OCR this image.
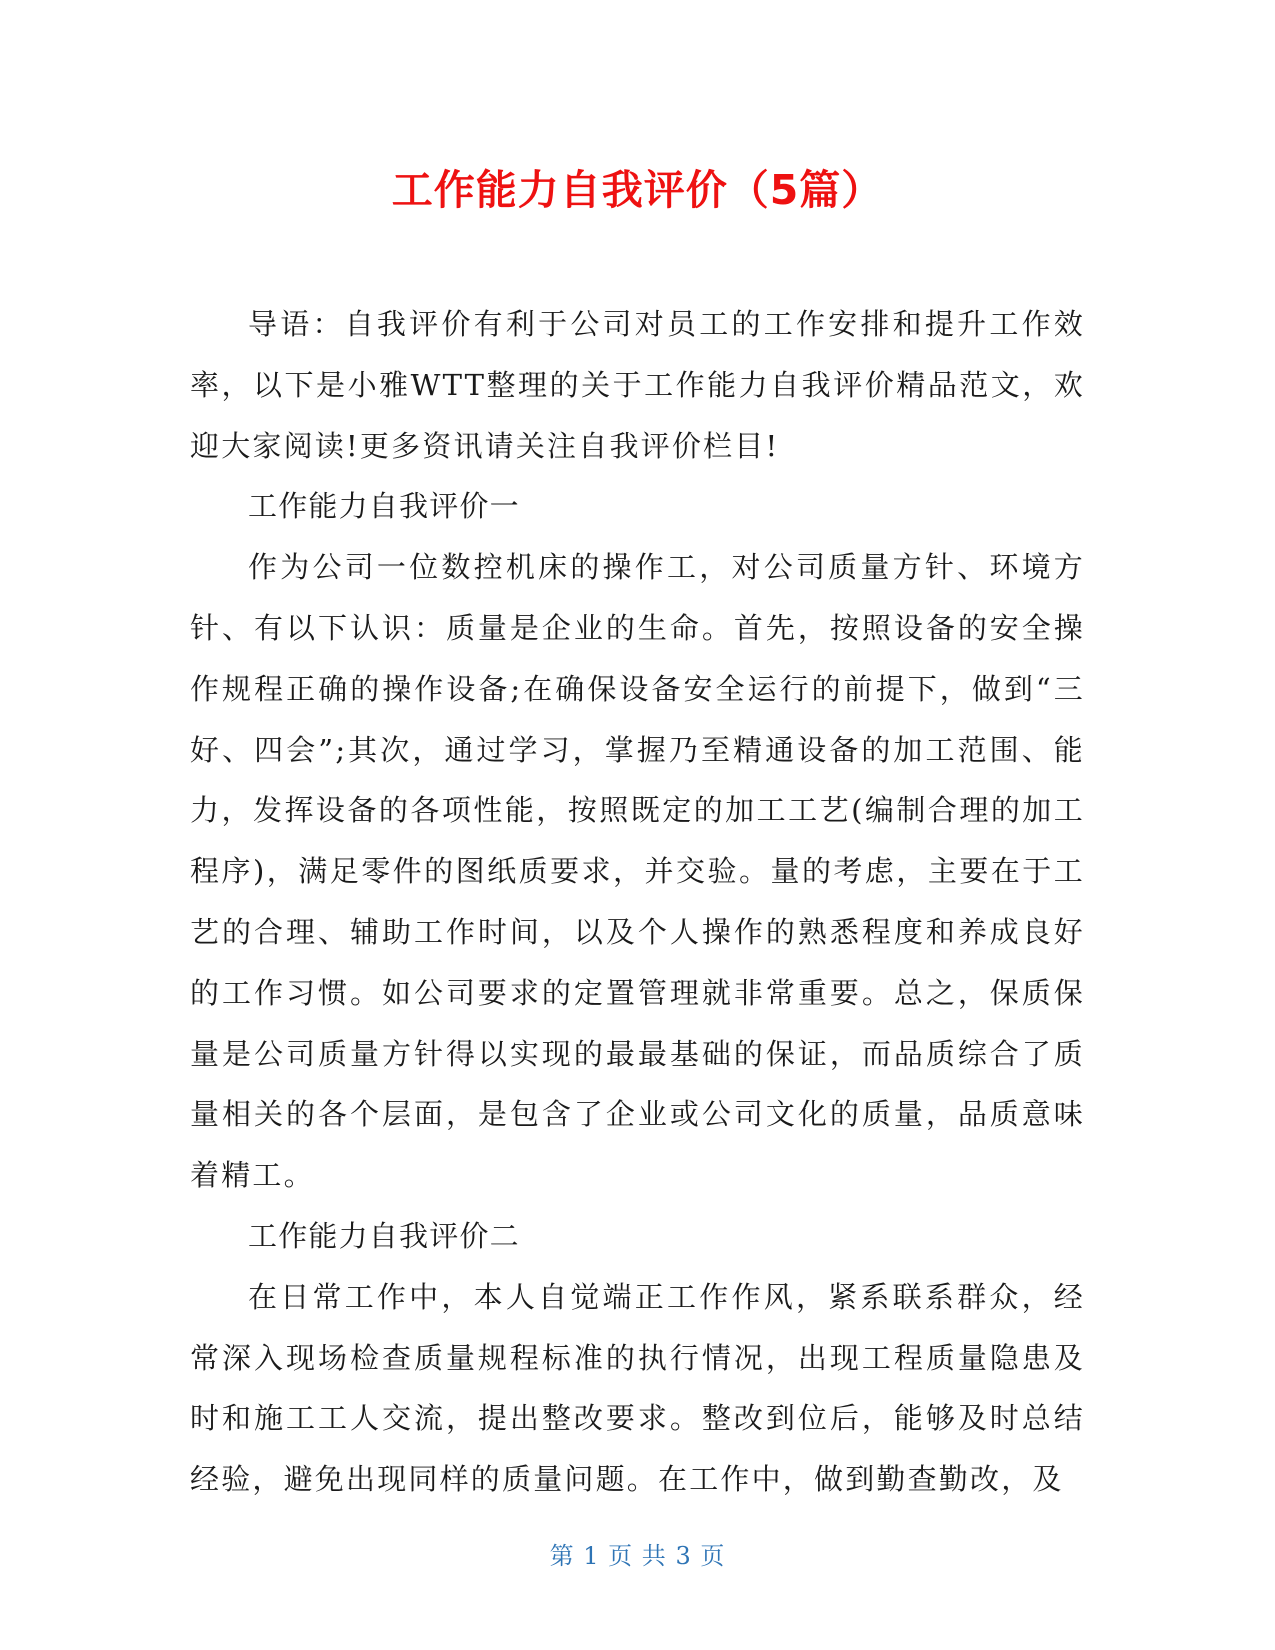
工作能力自我评价（5篇）

导语：自我评价有利于公司对员工的工作安排和提升工作效率，以下是小雅WTT整理的关于工作能力自我评价精品范文，欢迎大家阅读!更多资讯请关注自我评价栏目!

工作能力自我评价一

作为公司一位数控机床的操作工，对公司质量方针、环境方针、有以下认识：质量是企业的生命。首先，按照设备的安全操作规程正确的操作设备;在确保设备安全运行的前提下，做到“三好、四会”;其次，通过学习，掌握乃至精通设备的加工范围、能力，发挥设备的各项性能，按照既定的加工工艺(编制合理的加工程序)，满足零件的图纸质要求，并交验。量的考虑，主要在于工艺的合理、辅助工作时间，以及个人操作的熟悉程度和养成良好的工作习惯。如公司要求的定置管理就非常重要。总之，保质保量是公司质量方针得以实现的最最基础的保证，而品质综合了质量相关的各个层面，是包含了企业或公司文化的质量，品质意味着精工。

工作能力自我评价二

在日常工作中，本人自觉端正工作作风，紧系联系群众，经常深入现场检查质量规程标准的执行情况，出现工程质量隐患及时和施工工人交流，提出整改要求。整改到位后，能够及时总结经验，避免出现同样的质量问题。在工作中，做到勤查勤改，及

第 1 页 共 3 页
